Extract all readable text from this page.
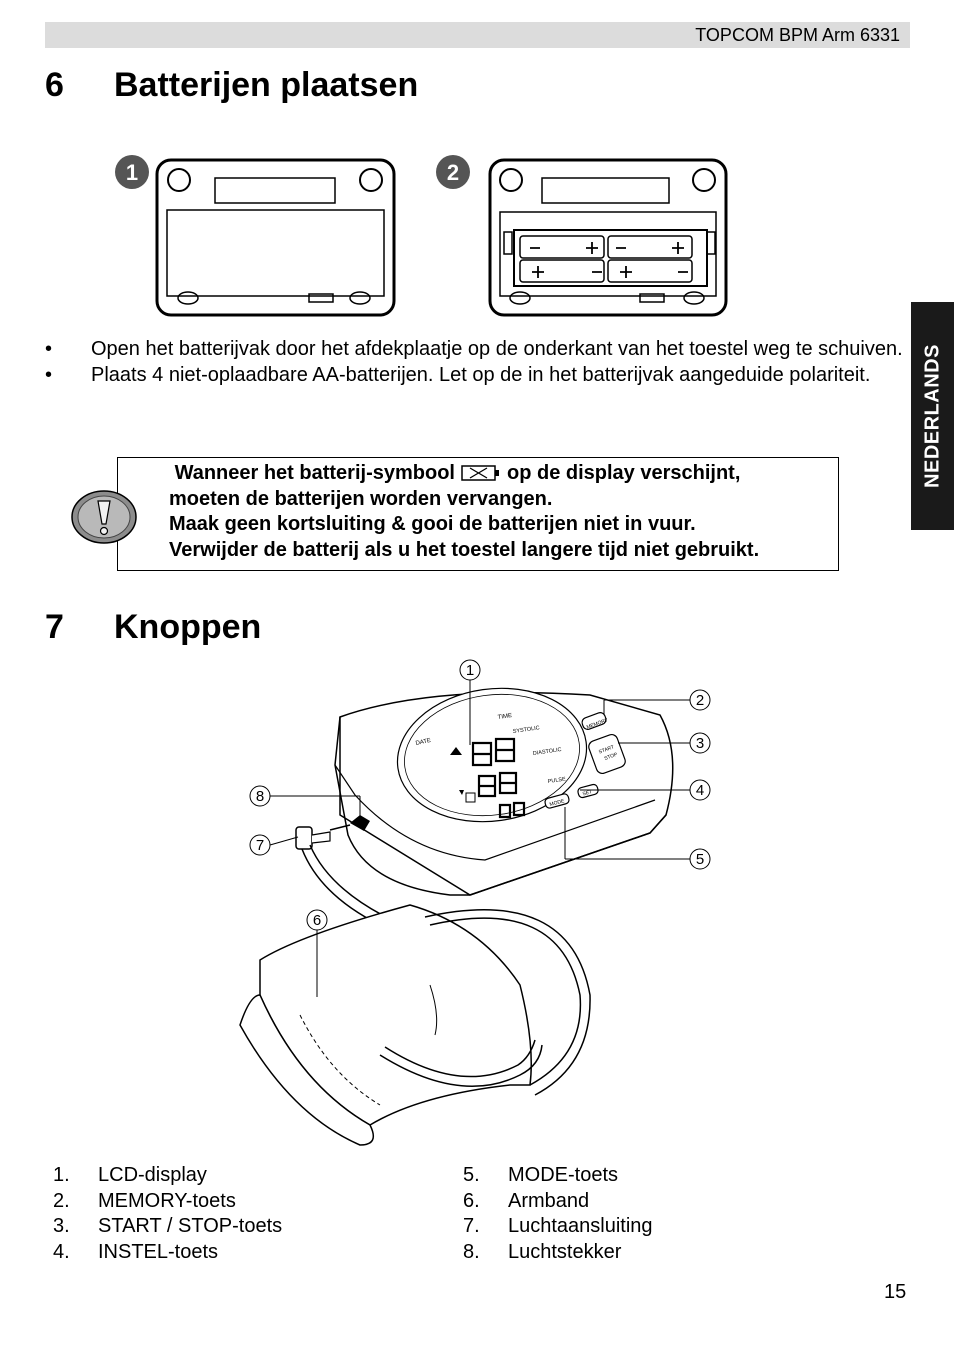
TOPCOM BPM Arm 6331
NEDERLANDS
6 Batterijen plaatsen
1	2
• Open het batterijvak door het afdekplaatje op de onderkant van het toestel weg te schuiven.
• Plaats 4 niet-oplaadbare AA-batterijen. Let op de in het batterijvak aangeduide polariteit.
Wanneer het batterij-symbool	op de display verschijnt,
moeten de batterijen worden vervangen.
Maak geen kortsluiting & gooi de batterijen niet in vuur.
Verwijder de batterij als u het toestel langere tijd niet gebruikt.
7 Knoppen
DATE
TIME
SYSTOLIC
DIASTOLIC
PULSE
MEMORY
START
STOP
MODE
SET
1
2
3
4
5
6
7
8
1. LCD-display
2. MEMORY-toets
3. START / STOP-toets
4. INSTEL-toets
5. MODE-toets
6. Armband
7. Luchtaansluiting
8. Luchtstekker
15
